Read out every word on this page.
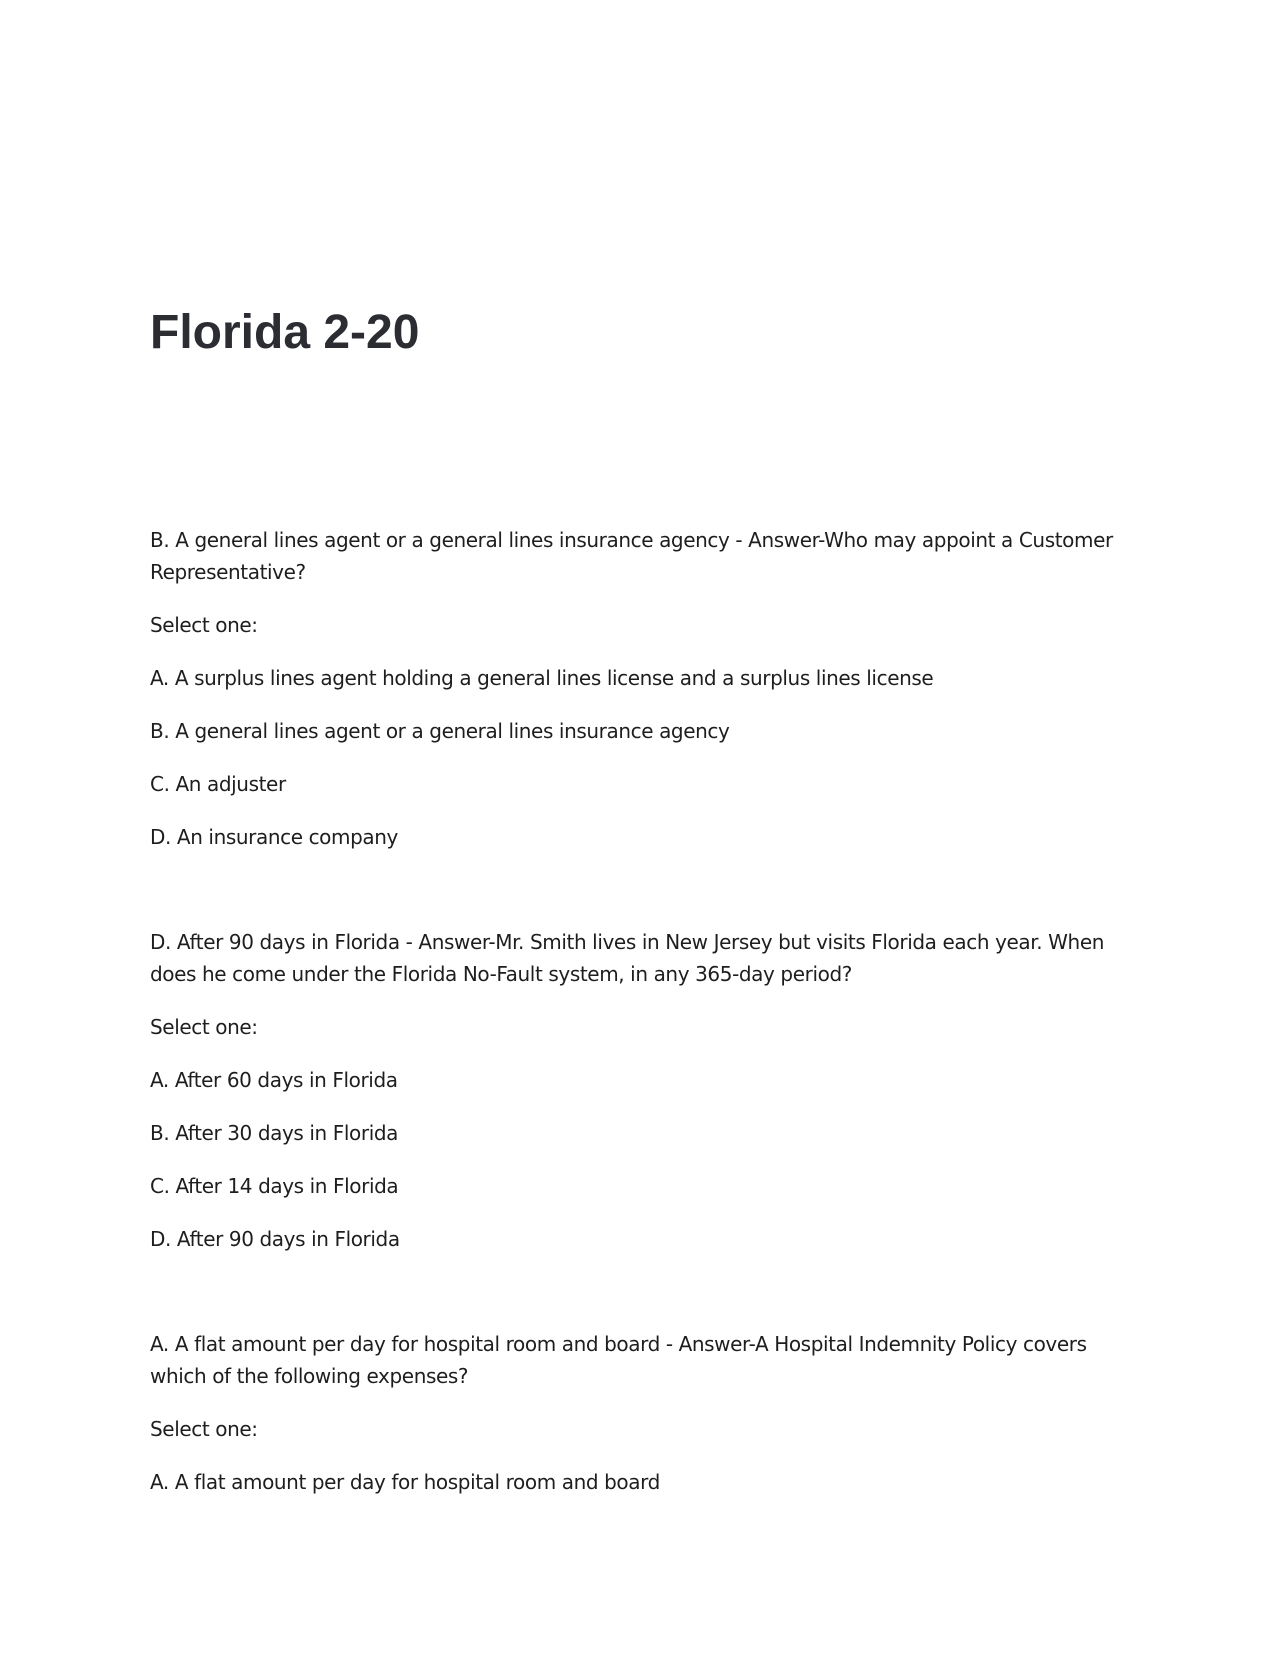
Florida 2-20

B. A general lines agent or a general lines insurance agency - Answer-Who may appoint a Customer Representative?

Select one:

A. A surplus lines agent holding a general lines license and a surplus lines license

B. A general lines agent or a general lines insurance agency

C. An adjuster

D. An insurance company

D. After 90 days in Florida - Answer-Mr. Smith lives in New Jersey but visits Florida each year. When does he come under the Florida No-Fault system, in any 365-day period?

Select one:

A. After 60 days in Florida

B. After 30 days in Florida

C. After 14 days in Florida

D. After 90 days in Florida

A. A flat amount per day for hospital room and board - Answer-A Hospital Indemnity Policy covers which of the following expenses?

Select one:

A. A flat amount per day for hospital room and board
